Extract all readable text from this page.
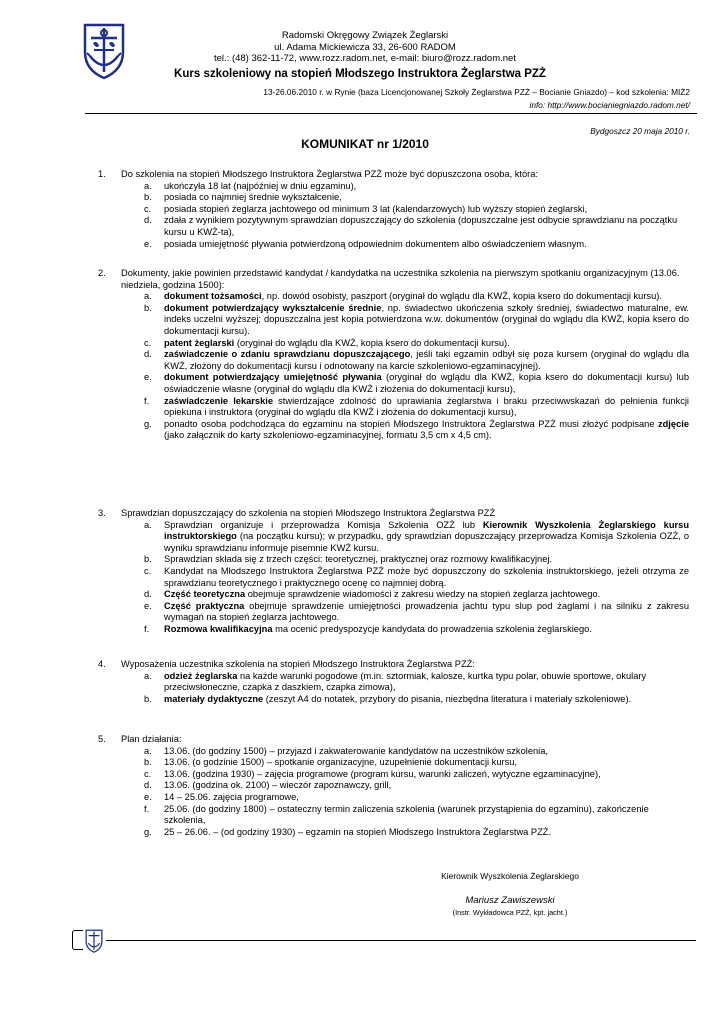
Radomski Okręgowy Związek Żeglarski
ul. Adama Mickiewicza 33, 26-600 RADOM
tel.: (48) 362-11-72, www.rozz.radom.net, e-mail: biuro@rozz.radom.net
Kurs szkoleniowy na stopień Młodszego Instruktora Żeglarstwa PZŻ
13-26.06.2010 r. w Rynie (baza Licencjonowanej Szkoły Żeglarstwa PZŻ – Bocianie Gniazdo) – kod szkolenia: MIŻ2
info: http://www.bocianiegniazdo.radom.net/
Bydgoszcz 20 maja 2010 r.
KOMUNIKAT nr 1/2010
1. Do szkolenia na stopień Młodszego Instruktora Żeglarstwa PZŻ może być dopuszczona osoba, która:
a. ukończyła 18 lat (najpóźniej w dniu egzaminu),
b. posiada co najmniej średnie wykształcenie,
c. posiada stopień żeglarza jachtowego od minimum 3 lat (kalendarzowych) lub wyższy stopień żeglarski,
d. zdała z wynikiem pozytywnym sprawdzian dopuszczający do szkolenia (dopuszczalne jest odbycie sprawdzianu na początku kursu u KWŻ-ta),
e. posiada umiejętność pływania potwierdzoną odpowiednim dokumentem albo oświadczeniem własnym.
2. Dokumenty, jakie powinien przedstawić kandydat / kandydatka na uczestnika szkolenia na pierwszym spotkaniu organizacyjnym (13.06. niedziela, godzina 1500):
a. dokument tożsamości, np. dowód osobisty, paszport (oryginał do wglądu dla KWŻ, kopia ksero do dokumentacji kursu).
b. dokument potwierdzający wykształcenie średnie, np. świadectwo ukończenia szkoły średniej, świadectwo maturalne, ew. indeks uczelni wyższej; dopuszczalna jest kopia potwierdzona w.w. dokumentów (oryginał do wglądu dla KWŻ, kopia ksero do dokumentacji kursu).
c. patent żeglarski (oryginał do wglądu dla KWŻ, kopia ksero do dokumentacji kursu).
d. zaświadczenie o zdaniu sprawdzianu dopuszczającego, jeśli taki egzamin odbył się poza kursem (oryginał do wglądu dla KWŻ, złożony do dokumentacji kursu i odnotowany na karcie szkoleniowo-egzaminacyjnej).
e. dokument potwierdzający umiejętność pływania (oryginał do wglądu dla KWŻ, kopia ksero do dokumentacji kursu) lub oświadczenie własne (oryginał do wglądu dla KWŻ i złożenia do dokumentacji kursu),
f. zaświadczenie lekarskie stwierdzające zdolność do uprawiania żeglarstwa i braku przeciwwskazań do pełnienia funkcji opiekuna i instruktora (oryginał do wglądu dla KWŻ i złożenia do dokumentacji kursu),
g. ponadto osoba podchodząca do egzaminu na stopień Młodszego Instruktora Żeglarstwa PZŻ musi złożyć podpisane zdjęcie (jako załącznik do karty szkoleniowo-egzaminacyjnej, formatu 3,5 cm x 4,5 cm).
3. Sprawdzian dopuszczający do szkolenia na stopień Młodszego Instruktora Żeglarstwa PZŻ
a. Sprawdzian organizuje i przeprowadza Komisja Szkolenia OZŻ lub Kierownik Wyszkolenia Żeglarskiego kursu instruktorskiego (na początku kursu); w przypadku, gdy sprawdzian dopuszczający przeprowadza Komisja Szkolenia OZŻ, o wyniku sprawdzianu informuje pisemnie KWŻ kursu.
b. Sprawdzian składa się z trzech części: teoretycznej, praktycznej oraz rozmowy kwalifikacyjnej.
c. Kandydat na Młodszego Instruktora Żeglarstwa PZŻ może być dopuszczony do szkolenia instruktorskiego, jeżeli otrzyma ze sprawdzianu teoretycznego i praktycznego ocenę co najmniej dobrą.
d. Część teoretyczna obejmuje sprawdzenie wiadomości z zakresu wiedzy na stopień żeglarza jachtowego.
e. Część praktyczna obejmuje sprawdzenie umiejętności prowadzenia jachtu typu slup pod żaglami i na silniku z zakresu wymagań na stopień żeglarza jachtowego.
f. Rozmowa kwalifikacyjna ma ocenić predyspozycje kandydata do prowadzenia szkolenia żeglarskiego.
4. Wyposażenia uczestnika szkolenia na stopień Młodszego Instruktora Żeglarstwa PZŻ:
a. odzież żeglarska na każde warunki pogodowe (m.in. sztormiak, kalosze, kurtka typu polar, obuwie sportowe, okulary przeciwsłoneczne, czapka z daszkiem, czapka zimowa),
b. materiały dydaktyczne (zeszyt A4 do notatek, przybory do pisania, niezbędna literatura i materiały szkoleniowe).
5. Plan działania:
a. 13.06. (do godziny 1500) – przyjazd i zakwaterowanie kandydatów na uczestników szkolenia,
b. 13.06. (o godzinie 1500) – spotkanie organizacyjne, uzupełnienie dokumentacji kursu,
c. 13.06. (godzina 1930) – zajęcia programowe (program kursu, warunki zaliczeń, wytyczne egzaminacyjne),
d. 13.06. (godzina ok. 2100) – wieczór zapoznawczy, grill,
e. 14 – 25.06. zajęcia programowe,
f. 25.06. (do godziny 1800) – ostateczny termin zaliczenia szkolenia (warunek przystąpienia do egzaminu), zakończenie szkolenia,
g. 25 – 26.06. – (od godziny 1930) – egzamin na stopień Młodszego Instruktora Żeglarstwa PZŻ.
Kierownik Wyszkolenia Żeglarskiego
Mariusz Zawiszewski
(Instr. Wykładowca PZŻ, kpt. jacht.)
